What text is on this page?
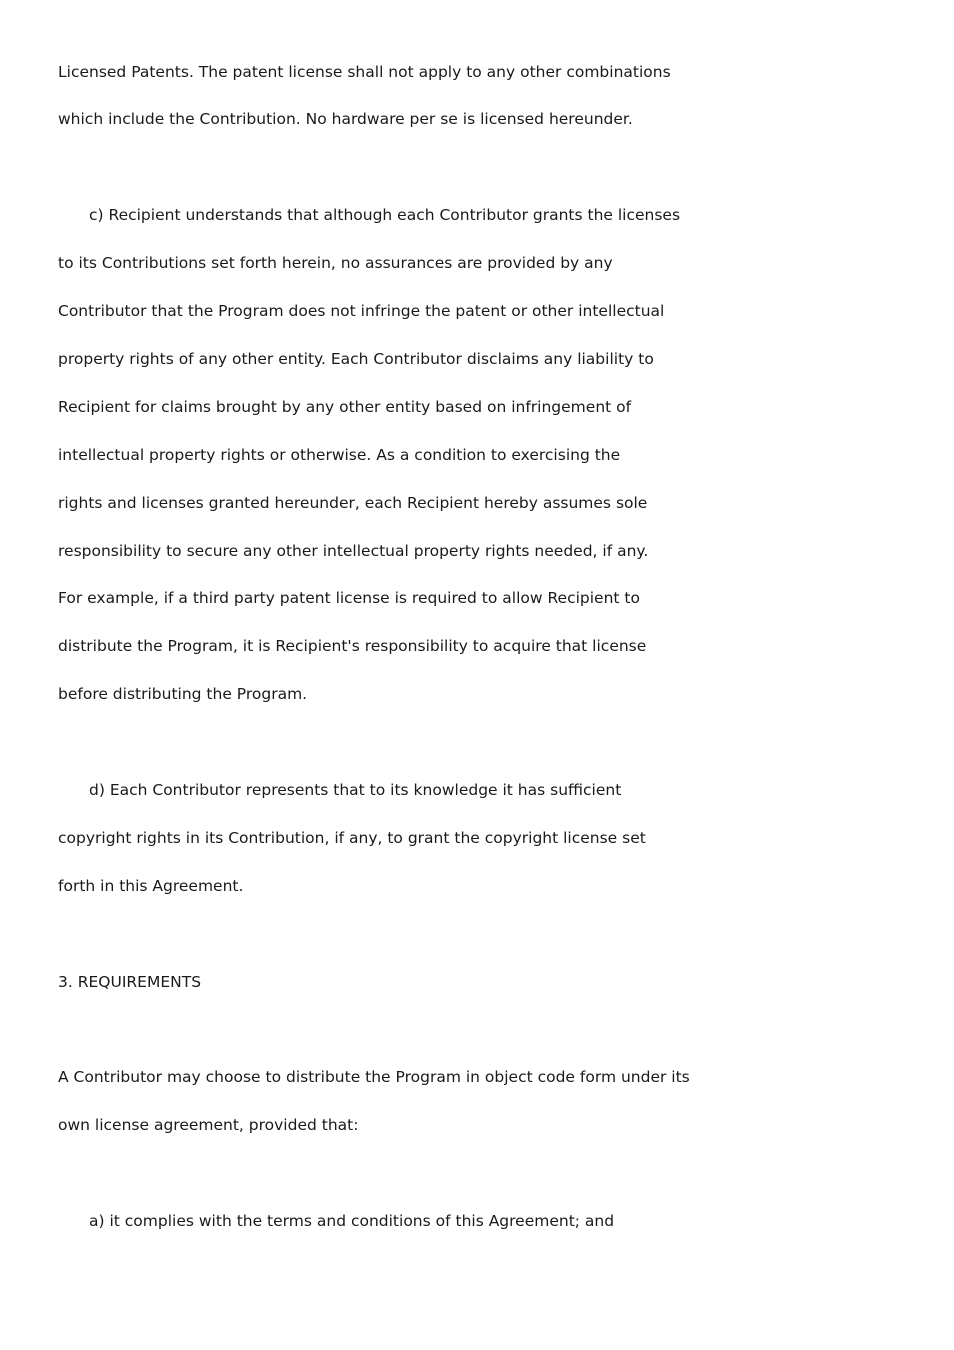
Licensed Patents. The patent license shall not apply to any other combinations
which include the Contribution. No hardware per se is licensed hereunder.
c) Recipient understands that although each Contributor grants the licenses
to its Contributions set forth herein, no assurances are provided by any
Contributor that the Program does not infringe the patent or other intellectual
property rights of any other entity. Each Contributor disclaims any liability to
Recipient for claims brought by any other entity based on infringement of
intellectual property rights or otherwise. As a condition to exercising the
rights and licenses granted hereunder, each Recipient hereby assumes sole
responsibility to secure any other intellectual property rights needed, if any.
For example, if a third party patent license is required to allow Recipient to
distribute the Program, it is Recipient's responsibility to acquire that license
before distributing the Program.
d) Each Contributor represents that to its knowledge it has sufficient
copyright rights in its Contribution, if any, to grant the copyright license set
forth in this Agreement.
3. REQUIREMENTS
A Contributor may choose to distribute the Program in object code form under its
own license agreement, provided that:
a) it complies with the terms and conditions of this Agreement; and
